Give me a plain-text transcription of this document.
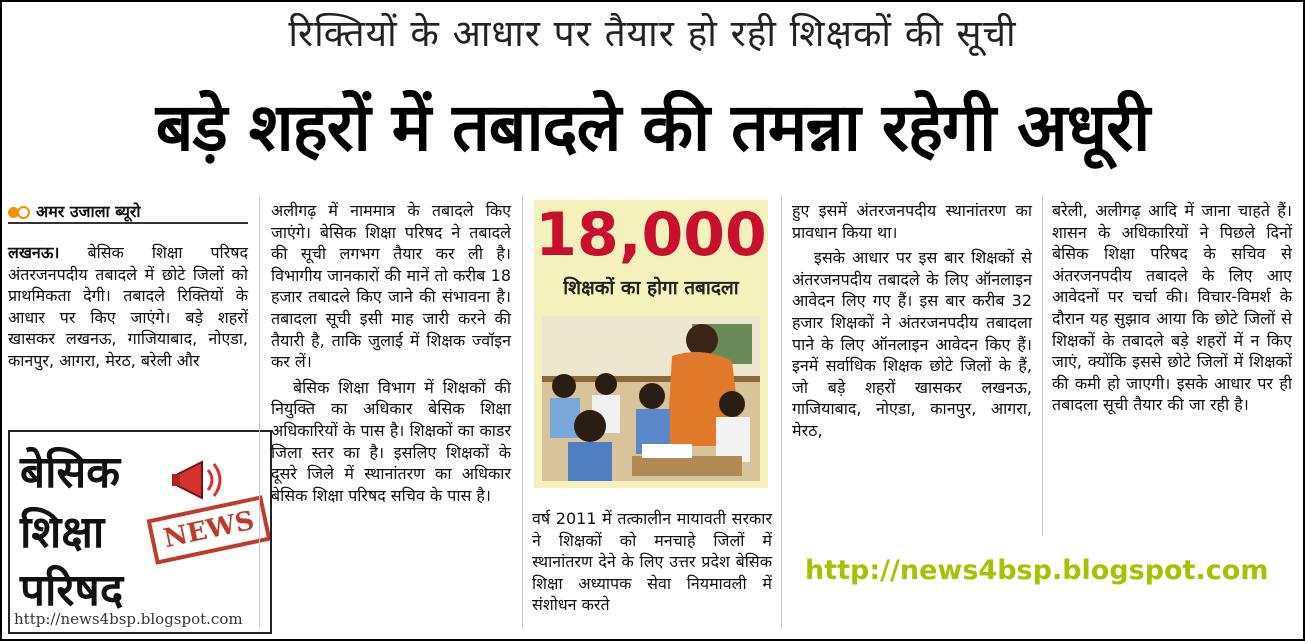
रिक्तियों के आधार पर तैयार हो रही शिक्षकों की सूची
बड़े शहरों में तबादले की तमन्ना रहेगी अधूरी
अमर उजाला ब्यूरो

लखनऊ। बेसिक शिक्षा परिषद अंतरजनपदीय तबादले में छोटे जिलों को प्राथमिकता देगी। तबादले रिक्तियों के आधार पर किए जाएंगे। बड़े शहरों खासकर लखनऊ, गाजियाबाद, नोएडा, कानपुर, आगरा, मेरठ, बरेली और

बेसिक
शिक्षा
परिषद
NEWS
http://news4bsp.blogspot.com

अलीगढ़ में नाममात्र के तबादले किए जाएंगे। बेसिक शिक्षा परिषद ने तबादले की सूची लगभग तैयार कर ली है। विभागीय जानकारों की मानें तो करीब 18 हजार तबादले किए जाने की संभावना है। तबादला सूची इसी माह जारी करने की तैयारी है, ताकि जुलाई में शिक्षक ज्वॉइन कर लें।

बेसिक शिक्षा विभाग में शिक्षकों की नियुक्ति का अधिकार बेसिक शिक्षा अधिकारियों के पास है। शिक्षकों का काडर जिला स्तर का है। इसलिए शिक्षकों के दूसरे जिले में स्थानांतरण का अधिकार बेसिक शिक्षा परिषद सचिव के पास है।

18,000
शिक्षकों का होगा तबादला

वर्ष 2011 में तत्कालीन मायावती सरकार ने शिक्षकों को मनचाहे जिलों में स्थानांतरण देने के लिए उत्तर प्रदेश बेसिक शिक्षा अध्यापक सेवा नियमावली में संशोधन करते

हुए इसमें अंतरजनपदीय स्थानांतरण का प्रावधान किया था।

इसके आधार पर इस बार शिक्षकों से अंतरजनपदीय तबादले के लिए ऑनलाइन आवेदन लिए गए हैं। इस बार करीब 32 हजार शिक्षकों ने अंतरजनपदीय तबादला पाने के लिए ऑनलाइन आवेदन किए हैं। इनमें सर्वाधिक शिक्षक छोटे जिलों के हैं, जो बड़े शहरों खासकर लखनऊ, गाजियाबाद, नोएडा, कानपुर, आगरा, मेरठ,

बरेली, अलीगढ़ आदि में जाना चाहते हैं। शासन के अधिकारियों ने पिछले दिनों बेसिक शिक्षा परिषद के सचिव से अंतरजनपदीय तबादले के लिए आए आवेदनों पर चर्चा की। विचार-विमर्श के दौरान यह सुझाव आया कि छोटे जिलों से शिक्षकों के तबादले बड़े शहरों में न किए जाएं, क्योंकि इससे छोटे जिलों में शिक्षकों की कमी हो जाएगी। इसके आधार पर ही तबादला सूची तैयार की जा रही है।

http://news4bsp.blogspot.com
